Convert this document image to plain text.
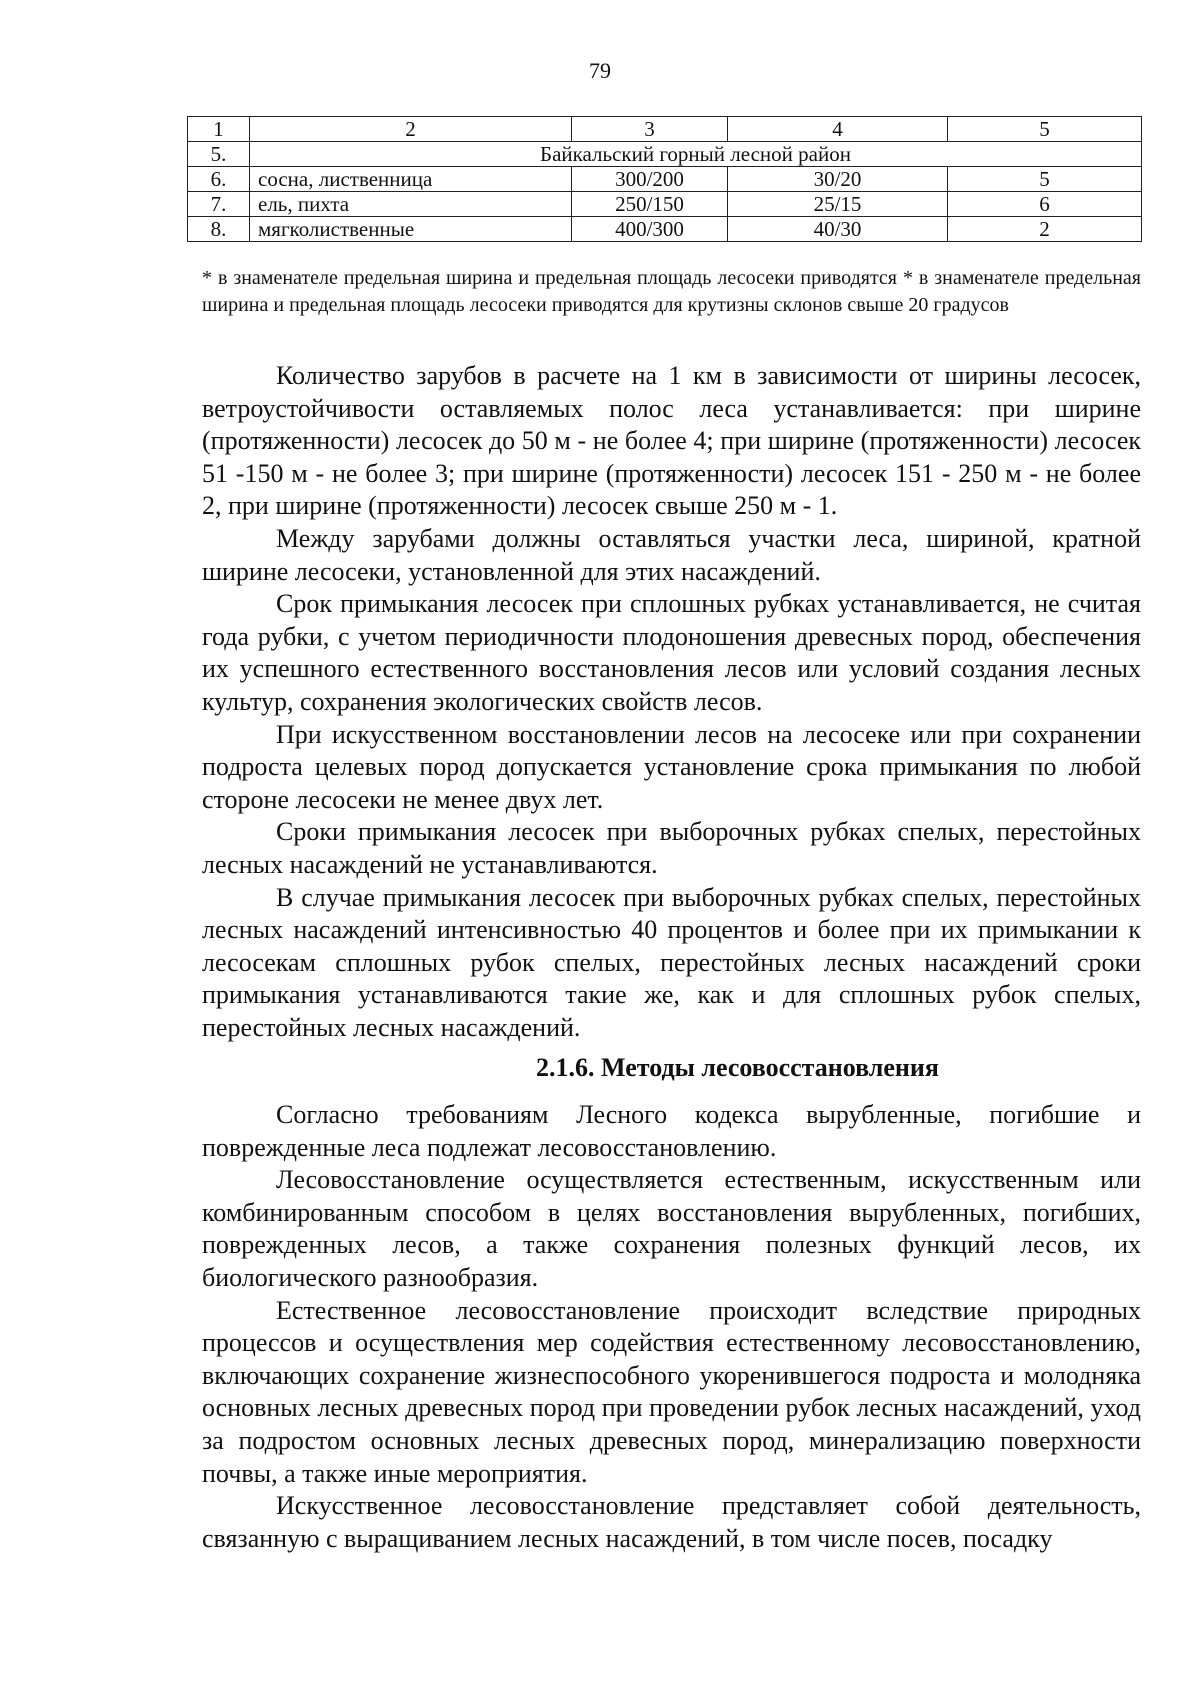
79
1	2	3	4	5
5.	Байкальский горный лесной район			
6.	сосна, лиственница	300/200	30/20	5
7.	ель, пихта	250/150	25/15	6
8.	мягколиственные	400/300	40/30	2
* в знаменателе предельная ширина и предельная площадь лесосеки приводятся * в знаменателе предельная ширина и предельная площадь лесосеки приводятся для крутизны склонов свыше 20 градусов

Количество зарубов в расчете на 1 км в зависимости от ширины лесосек, ветроустойчивости оставляемых полос леса устанавливается: при ширине (протяженности) лесосек до 50 м - не более 4; при ширине (протяженности) лесосек 51 -150 м - не более 3; при ширине (протяженности) лесосек 151 - 250 м - не более 2, при ширине (протяженности) лесосек свыше 250 м - 1.

Между зарубами должны оставляться участки леса, шириной, кратной ширине лесосеки, установленной для этих насаждений.

Срок примыкания лесосек при сплошных рубках устанавливается, не считая года рубки, с учетом периодичности плодоношения древесных пород, обеспечения их успешного естественного восстановления лесов или условий создания лесных культур, сохранения экологических свойств лесов.

При искусственном восстановлении лесов на лесосеке или при сохранении подроста целевых пород допускается установление срока примыкания по любой стороне лесосеки не менее двух лет.

Сроки примыкания лесосек при выборочных рубках спелых, перестойных лесных насаждений не устанавливаются.

В случае примыкания лесосек при выборочных рубках спелых, перестойных лесных насаждений интенсивностью 40 процентов и более при их примыкании к лесосекам сплошных рубок спелых, перестойных лесных насаждений сроки примыкания устанавливаются такие же, как и для сплошных рубок спелых, перестойных лесных насаждений.

2.1.6. Методы лесовосстановления

Согласно требованиям Лесного кодекса вырубленные, погибшие и поврежденные леса подлежат лесовосстановлению.

Лесовосстановление осуществляется естественным, искусственным или комбинированным способом в целях восстановления вырубленных, погибших, поврежденных лесов, а также сохранения полезных функций лесов, их биологического разнообразия.

Естественное лесовосстановление происходит вследствие природных процессов и осуществления мер содействия естественному лесовосстановлению, включающих сохранение жизнеспособного укоренившегося подроста и молодняка основных лесных древесных пород при проведении рубок лесных насаждений, уход за подростом основных лесных древесных пород, минерализацию поверхности почвы, а также иные мероприятия.

Искусственное лесовосстановление представляет собой деятельность, связанную с выращиванием лесных насаждений, в том числе посев, посадку
